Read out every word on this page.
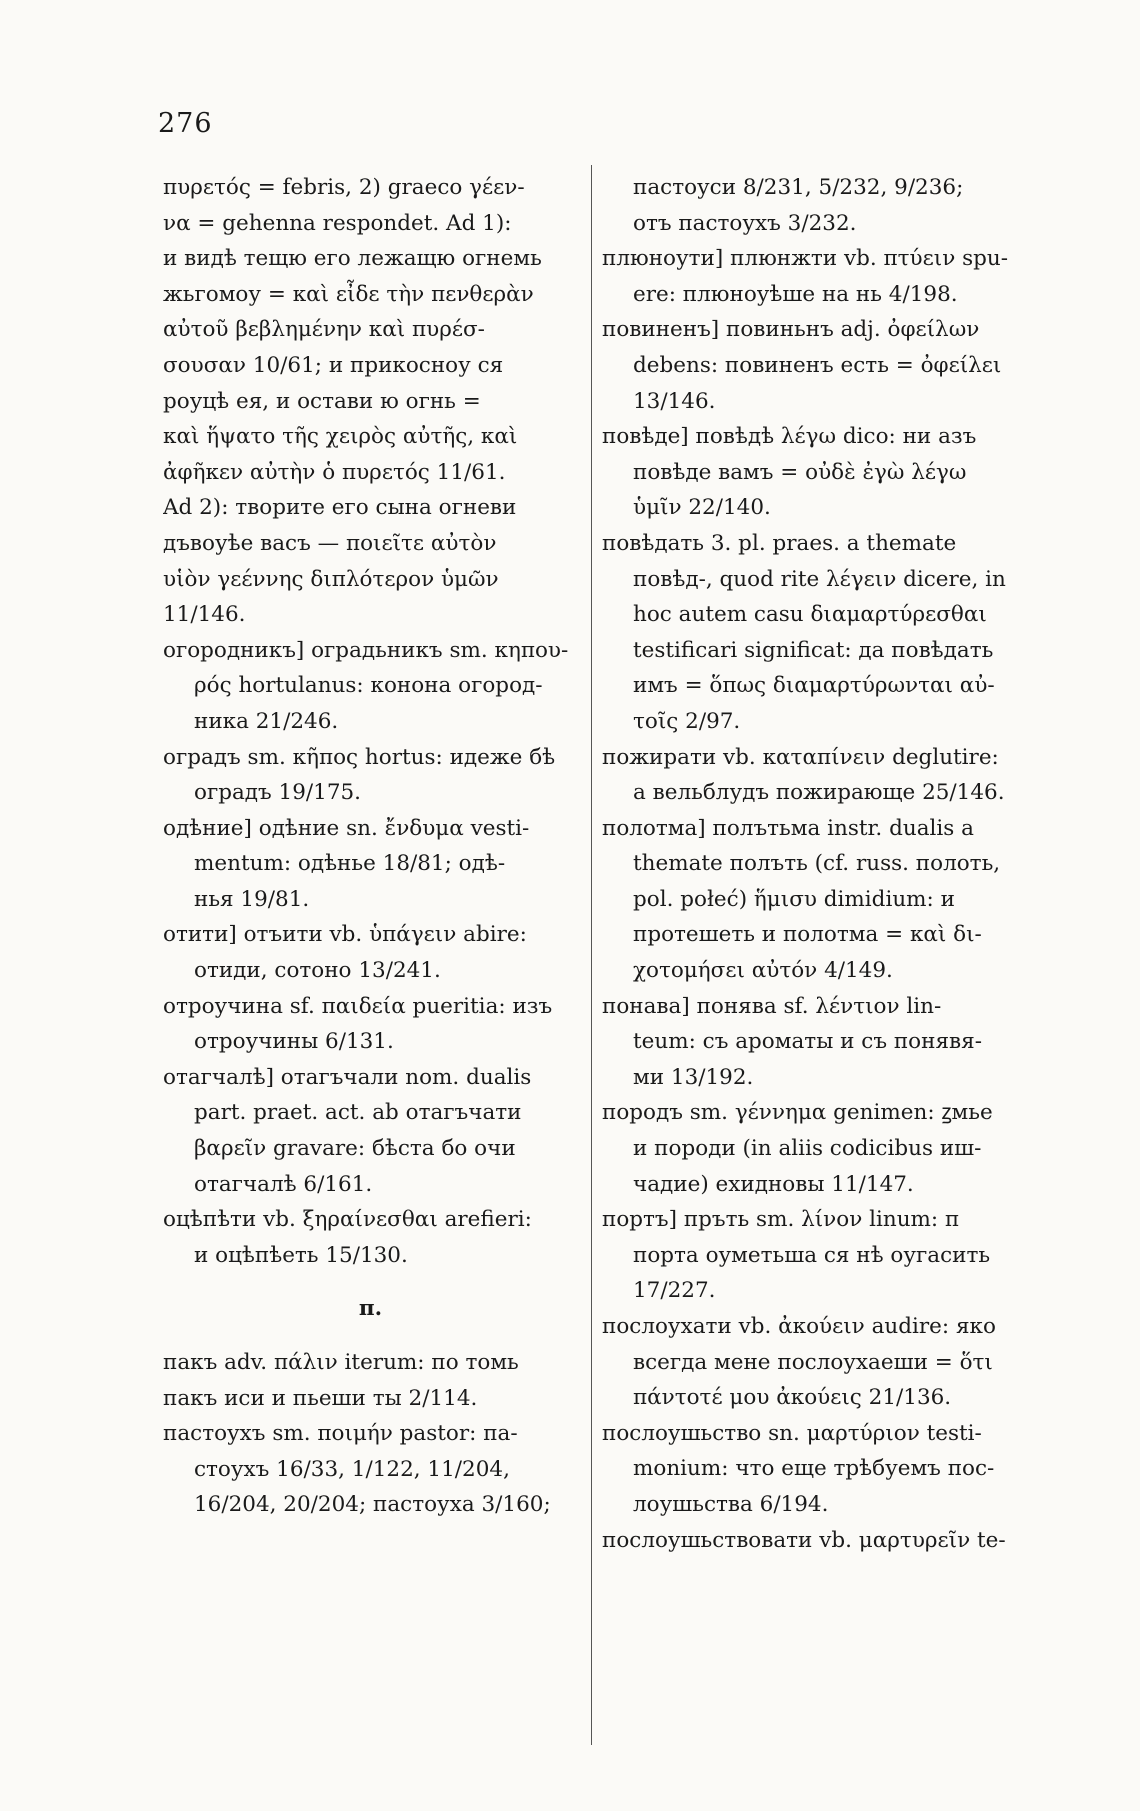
276
πυρετός = febris, 2) graeco γέεν-
να = gehenna respondet. Ad 1):
и видѣ тещю его лежащю огнемь
жьгомоу = καὶ εἶδε τὴν πενθερὰν
αὐτοῦ βεβλημένην καὶ πυρέσ-
σουσαν 10/61; и прикосноу ся
роуцѣ ея, и остави ю огнь =
καὶ ἥψατο τῆς χειρὸς αὐτῆς, καὶ
ἀφῆκεν αὐτὴν ὁ πυρετός 11/61.
Ad 2): творите его сына огневи
дъвоуѣе васъ — ποιεῖτε αὐτὸν
υἱὸν γεέννης διπλότερον ὑμῶν
11/146.
огородникъ] оградьникъ sm. κηπου-
ρός hortulanus: конона огород-
ника 21/246.
оградъ sm. κῆπος hortus: идеже бѣ
оградъ 19/175.
одѣние] одѣние sn. ἔνδυμα vesti-
mentum: одѣнье 18/81; одѣ-
нья 19/81.
отити] отъити vb. ὑπάγειν abire:
отиди, сотоно 13/241.
отроучина sf. παιδεία pueritia: изъ
отроучины 6/131.
отагчалѣ] отагъчали nom. dualis
part. praet. act. ab отагъчати
βαρεῖν gravare: бѣста бо очи
отагчалѣ 6/161.
оцѣпѣти vb. ξηραίνεσθαι arefieri:
и оцѣпѣеть 15/130.
п.
пакъ adv. πάλιν iterum: по томь
пакъ иси и пьеши ты 2/114.
пастоухъ sm. ποιμήν pastor: па-
стоухъ 16/33, 1/122, 11/204,
16/204, 20/204; пастоуха 3/160;
пастоуси 8/231, 5/232, 9/236;
отъ пастоухъ 3/232.
плюноути] плюнжти vb. πτύειν spu-
ere: плюноуѣше на нь 4/198.
повиненъ] повиньнъ adj. ὀφείλων
debens: повиненъ есть = ὀφείλει
13/146.
повѣде] повѣдѣ λέγω dico: ни азъ
повѣде вамъ = οὐδὲ ἐγὼ λέγω
ὑμῖν 22/140.
повѣдать 3. pl. praes. a themate
повѣд-, quod rite λέγειν dicere, in
hoc autem casu διαμαρτύρεσθαι
testificari significat: да повѣдать
имъ = ὅπως διαμαρτύρωνται αὐ-
τοῖς 2/97.
пожирати vb. καταπίνειν deglutire:
а вельблудъ пожирающе 25/146.
полотма] полътьма instr. dualis a
themate полъть (cf. russ. полоть,
pol. połeć) ἥμισυ dimidium: и
протешеть и полотма = καὶ δι-
χοτομήσει αὐτόν 4/149.
понава] понява sf. λέντιον lin-
teum: съ ароматы и съ понявя-
ми 13/192.
породъ sm. γέννημα genimen: ꙁмье
и породи (in aliis codicibus иш-
чадие) ехидновы 11/147.
портъ] пръть sm. λίνον linum: п
порта оуметьша ся нѣ оугасить
17/227.
послоухати vb. ἀκούειν audire: яко
всегда мене послоухаеши = ὅτι
πάντοτέ μου ἀκούεις 21/136.
послоушьство sn. μαρτύριον testi-
monium: что еще трѣбуемъ пос-
лоушьства 6/194.
послоушьствовати vb. μαρτυρεῖν te-
